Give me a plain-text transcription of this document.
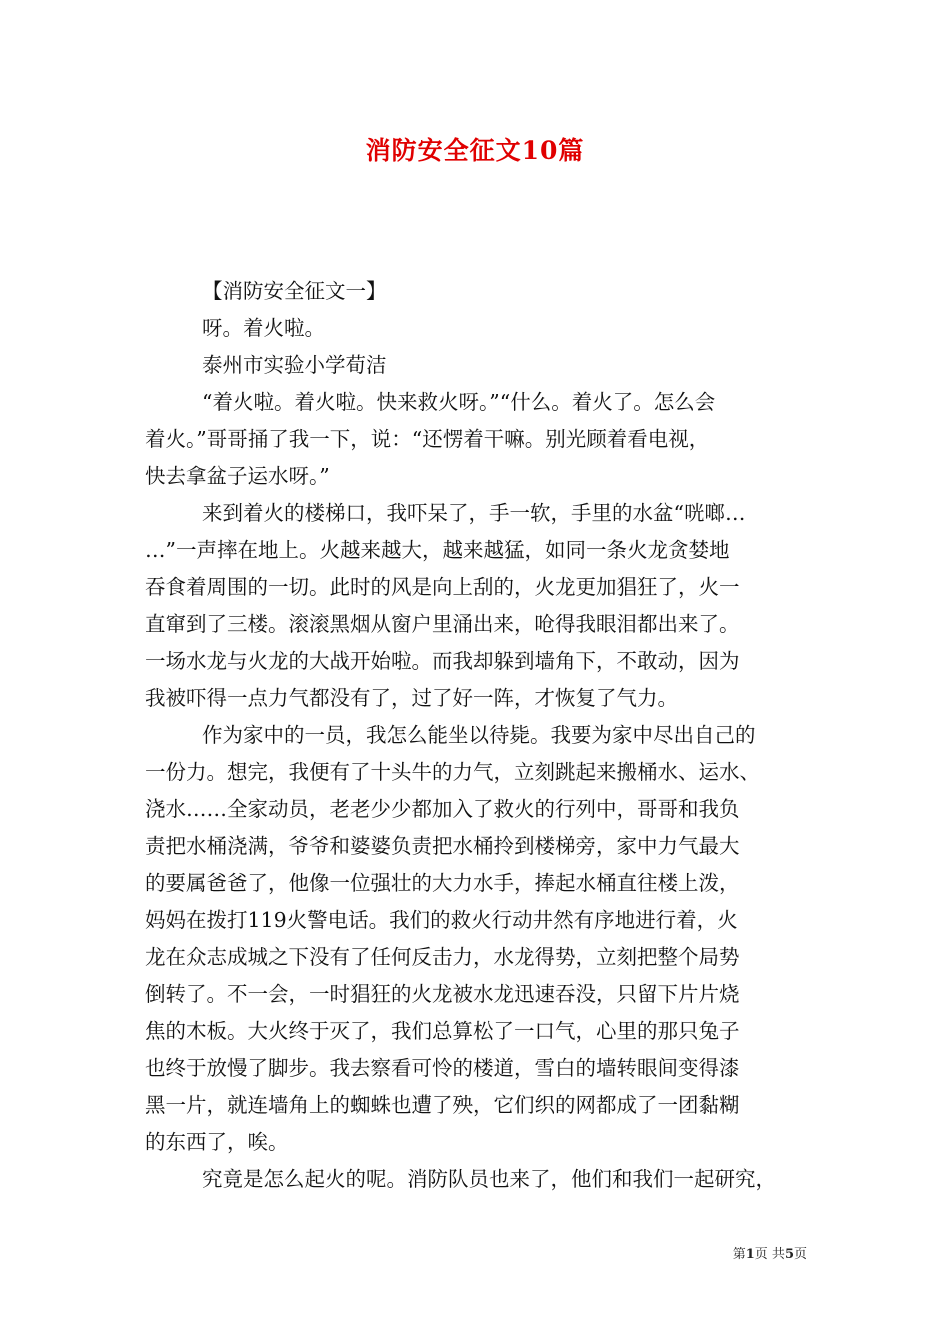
消防安全征文10篇
【消防安全征文一】
呀。着火啦。
泰州市实验小学荀洁
“着火啦。着火啦。快来救火呀。”“什么。着火了。怎么会
着火。”哥哥捅了我一下，说：“还愣着干嘛。别光顾着看电视，
快去拿盆子运水呀。”
来到着火的楼梯口，我吓呆了，手一软，手里的水盆“咣啷…
…”一声摔在地上。火越来越大，越来越猛，如同一条火龙贪婪地
吞食着周围的一切。此时的风是向上刮的，火龙更加猖狂了，火一
直窜到了三楼。滚滚黑烟从窗户里涌出来，呛得我眼泪都出来了。
一场水龙与火龙的大战开始啦。而我却躲到墙角下，不敢动，因为
我被吓得一点力气都没有了，过了好一阵，才恢复了气力。
作为家中的一员，我怎么能坐以待毙。我要为家中尽出自己的
一份力。想完，我便有了十头牛的力气，立刻跳起来搬桶水、运水、
浇水……全家动员，老老少少都加入了救火的行列中，哥哥和我负
责把水桶浇满，爷爷和婆婆负责把水桶拎到楼梯旁，家中力气最大
的要属爸爸了，他像一位强壮的大力水手，捧起水桶直往楼上泼，
妈妈在拨打119火警电话。我们的救火行动井然有序地进行着，火
龙在众志成城之下没有了任何反击力，水龙得势，立刻把整个局势
倒转了。不一会，一时猖狂的火龙被水龙迅速吞没，只留下片片烧
焦的木板。大火终于灭了，我们总算松了一口气，心里的那只兔子
也终于放慢了脚步。我去察看可怜的楼道，雪白的墙转眼间变得漆
黑一片，就连墙角上的蜘蛛也遭了殃，它们织的网都成了一团黏糊
的东西了，唉。
究竟是怎么起火的呢。消防队员也来了，他们和我们一起研究，
第1页 共5页
